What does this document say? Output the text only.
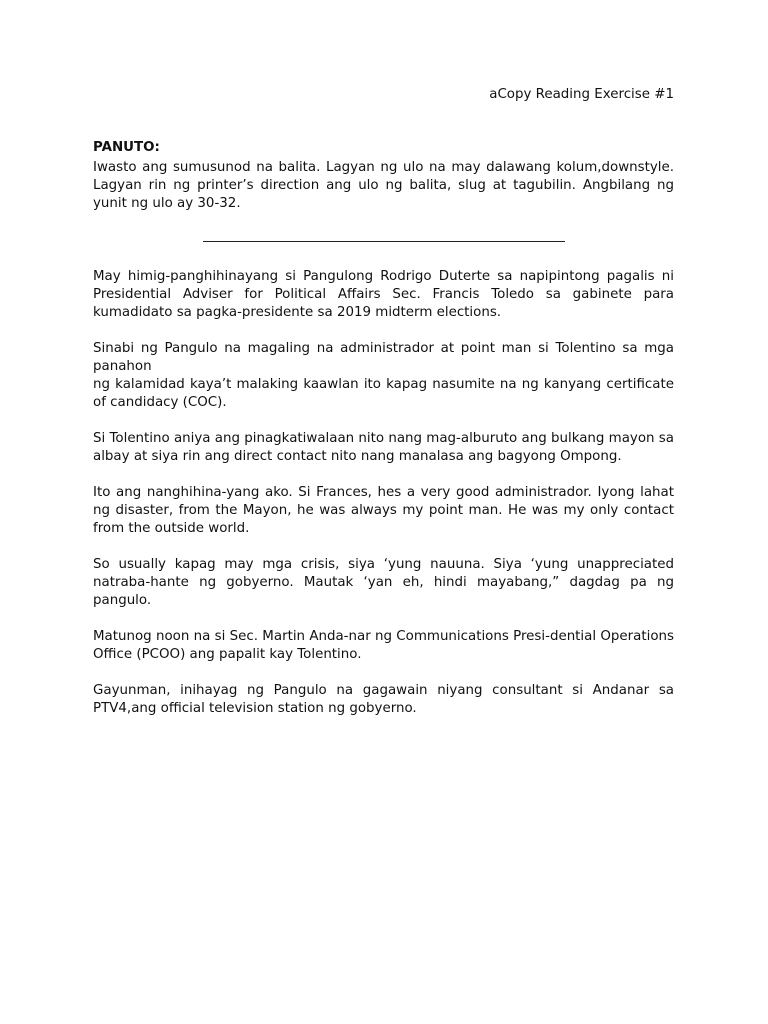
aCopy Reading Exercise #1

PANUTO:

Iwasto ang sumusunod na balita. Lagyan ng ulo na may dalawang kolum,downstyle. Lagyan rin ng printer’s direction ang ulo ng balita, slug at tagubilin. Angbilang ng yunit ng ulo ay 30-32.

May himig-panghihinayang si Pangulong Rodrigo Duterte sa napipintong pagalis ni Presidential Adviser for Political Affairs Sec. Francis Toledo sa gabinete para kumadidato sa pagka-presidente sa 2019 midterm elections.

Sinabi ng Pangulo na magaling na administrador at point man si Tolentino sa mga panahon

ng kalamidad kaya’t malaking kaawlan ito kapag nasumite na ng kanyang certificate of candidacy (COC).

Si Tolentino aniya ang pinagkatiwalaan nito nang mag-alburuto ang bulkang mayon sa albay at siya rin ang direct contact nito nang manalasa ang bagyong Ompong.

Ito ang nanghihina-yang ako. Si Frances, hes a very good administrador. Iyong lahat ng disaster, from the Mayon, he was always my point man. He was my only contact from the outside world.

So usually kapag may mga crisis, siya ‘yung nauuna. Siya ‘yung unappreciated natraba-hante ng gobyerno. Mautak ‘yan eh, hindi mayabang,” dagdag pa ng pangulo.

Matunog noon na si Sec. Martin Anda-nar ng Communications Presi-dential Operations Office (PCOO) ang papalit kay Tolentino.

Gayunman, inihayag ng Pangulo na gagawain niyang consultant si Andanar sa PTV4,ang official television station ng gobyerno.
